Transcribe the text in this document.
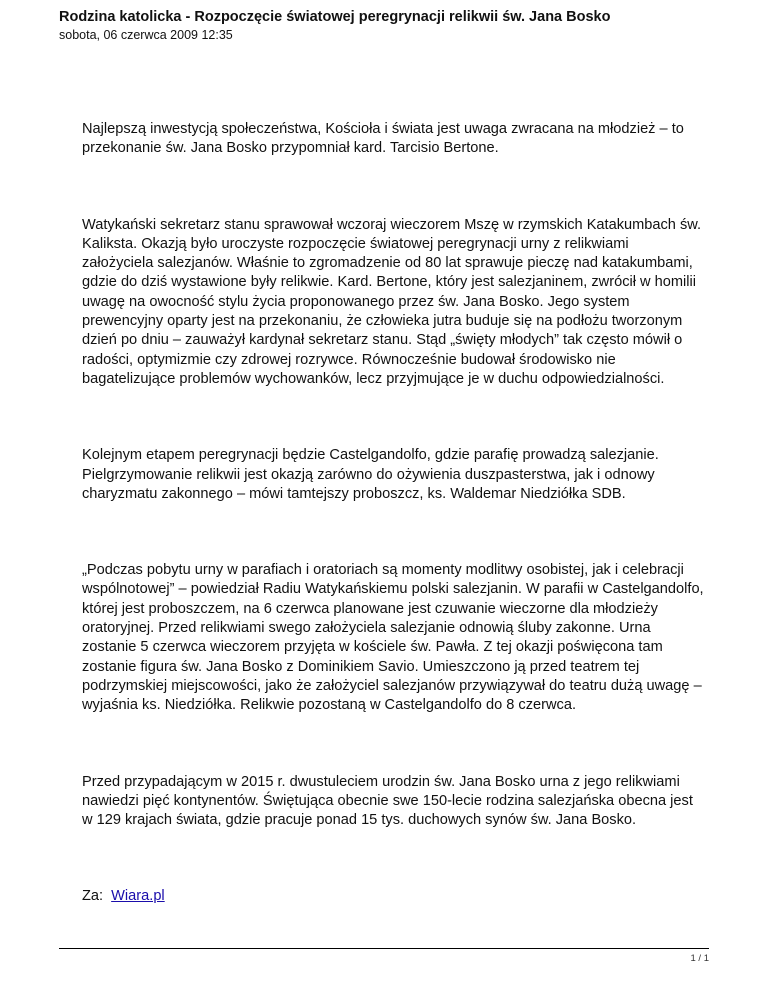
Rodzina katolicka - Rozpoczęcie światowej peregrynacji relikwii św. Jana Bosko
sobota, 06 czerwca 2009 12:35

Najlepszą inwestycją społeczeństwa, Kościoła i świata jest uwaga zwracana na młodzież – to przekonanie św. Jana Bosko przypomniał kard. Tarcisio Bertone.

Watykański sekretarz stanu sprawował wczoraj wieczorem Mszę w rzymskich Katakumbach św. Kaliksta. Okazją było uroczyste rozpoczęcie światowej peregrynacji urny z relikwiami założyciela salezjanów. Właśnie to zgromadzenie od 80 lat sprawuje pieczę nad katakumbami, gdzie do dziś wystawione były relikwie. Kard. Bertone, który jest salezjaninem, zwrócił w homilii uwagę na owocność stylu życia proponowanego przez św. Jana Bosko. Jego system prewencyjny oparty jest na przekonaniu, że człowieka jutra buduje się na podłożu tworzonym dzień po dniu – zauważył kardynał sekretarz stanu. Stąd „święty młodych” tak często mówił o radości, optymizmie czy zdrowej rozrywce. Równocześnie budował środowisko nie bagatelizujące problemów wychowanków, lecz przyjmujące je w duchu odpowiedzialności.

Kolejnym etapem peregrynacji będzie Castelgandolfo, gdzie parafię prowadzą salezjanie. Pielgrzymowanie relikwii jest okazją zarówno do ożywienia duszpasterstwa, jak i odnowy charyzmatu zakonnego – mówi tamtejszy proboszcz, ks. Waldemar Niedziółka SDB.

„Podczas pobytu urny w parafiach i oratoriach są momenty modlitwy osobistej, jak i celebracji wspólnotowej” – powiedział Radiu Watykańskiemu polski salezjanin. W parafii w Castelgandolfo, której jest proboszczem, na 6 czerwca planowane jest czuwanie wieczorne dla młodzieży oratoryjnej. Przed relikwiami swego założyciela salezjanie odnowią śluby zakonne. Urna zostanie 5 czerwca wieczorem przyjęta w kościele św. Pawła. Z tej okazji poświęcona tam zostanie figura św. Jana Bosko z Dominikiem Savio. Umieszczono ją przed teatrem tej podrzymskiej miejscowości, jako że założyciel salezjanów przywiązywał do teatru dużą uwagę – wyjaśnia ks. Niedziółka. Relikwie pozostaną w Castelgandolfo do 8 czerwca.

Przed przypadającym w 2015 r. dwustuleciem urodzin św. Jana Bosko urna z jego relikwiami nawiedzi pięć kontynentów. Świętująca obecnie swe 150-lecie rodzina salezjańska obecna jest w 129 krajach świata, gdzie pracuje ponad 15 tys. duchowych synów św. Jana Bosko.

Za: Wiara.pl

1 / 1
